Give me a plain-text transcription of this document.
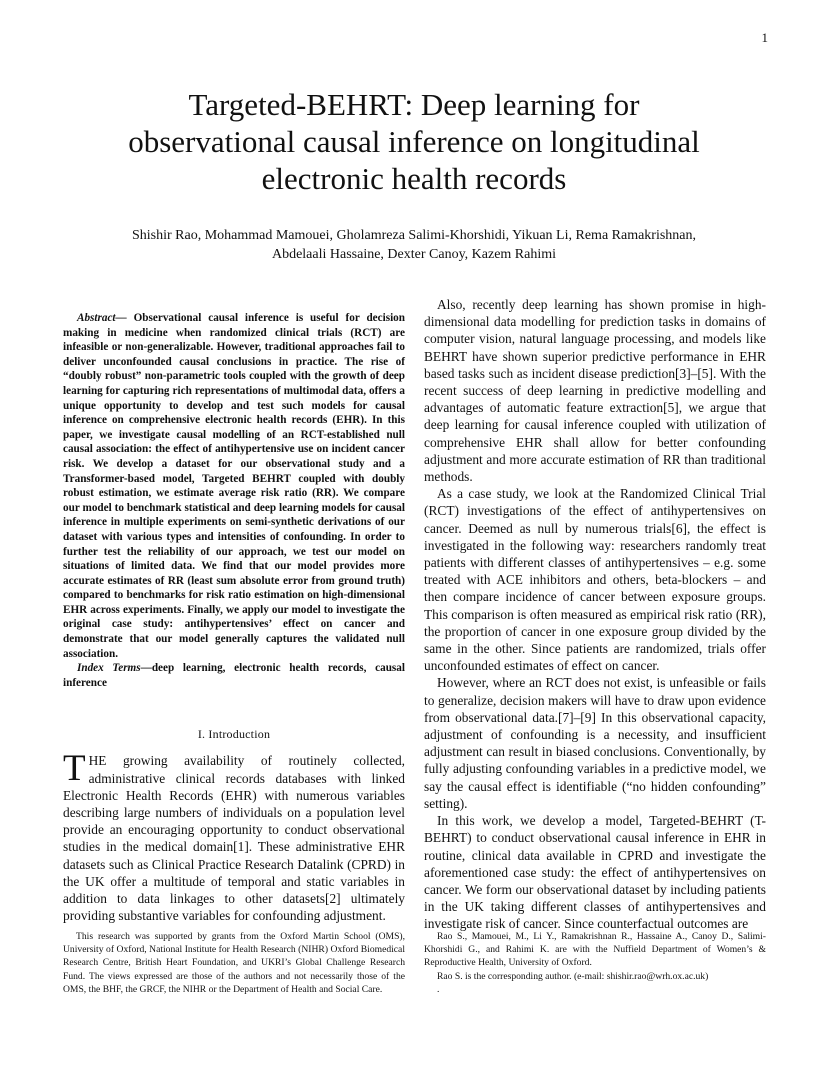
1
Targeted-BEHRT: Deep learning for
observational causal inference on longitudinal
electronic health records
Shishir Rao, Mohammad Mamouei, Gholamreza Salimi-Khorshidi, Yikuan Li, Rema Ramakrishnan,
Abdelaali Hassaine, Dexter Canoy, Kazem Rahimi

Abstract— Observational causal inference is useful for decision making in medicine when randomized clinical trials (RCT) are infeasible or non-generalizable. However, traditional approaches fail to deliver unconfounded causal conclusions in practice. The rise of “doubly robust” non-parametric tools coupled with the growth of deep learning for capturing rich representations of multimodal data, offers a unique opportunity to develop and test such models for causal inference on comprehensive electronic health records (EHR). In this paper, we investigate causal modelling of an RCT-established null causal association: the effect of antihypertensive use on incident cancer risk. We develop a dataset for our observational study and a Transformer-based model, Targeted BEHRT coupled with doubly robust estimation, we estimate average risk ratio (RR). We compare our model to benchmark statistical and deep learning models for causal inference in multiple experiments on semi-synthetic derivations of our dataset with various types and intensities of confounding. In order to further test the reliability of our approach, we test our model on situations of limited data. We find that our model provides more accurate estimates of RR (least sum absolute error from ground truth) compared to benchmarks for risk ratio estimation on high-dimensional EHR across experiments. Finally, we apply our model to investigate the original case study: antihypertensives’ effect on cancer and demonstrate that our model generally captures the validated null association.

Index Terms—deep learning, electronic health records, causal inference

I. Introduction

THE growing availability of routinely collected, administrative clinical records databases with linked Electronic Health Records (EHR) with numerous variables describing large numbers of individuals on a population level provide an encouraging opportunity to conduct observational studies in the medical domain[1]. These administrative EHR datasets such as Clinical Practice Research Datalink (CPRD) in the UK offer a multitude of temporal and static variables in addition to data linkages to other datasets[2] ultimately providing substantive variables for confounding adjustment.

Also, recently deep learning has shown promise in high-dimensional data modelling for prediction tasks in domains of computer vision, natural language processing, and models like BEHRT have shown superior predictive performance in EHR based tasks such as incident disease prediction[3]–[5]. With the recent success of deep learning in predictive modelling and advantages of automatic feature extraction[5], we argue that deep learning for causal inference coupled with utilization of comprehensive EHR shall allow for better confounding adjustment and more accurate estimation of RR than traditional methods.

As a case study, we look at the Randomized Clinical Trial (RCT) investigations of the effect of antihypertensives on cancer. Deemed as null by numerous trials[6], the effect is investigated in the following way: researchers randomly treat patients with different classes of antihypertensives – e.g. some treated with ACE inhibitors and others, beta-blockers – and then compare incidence of cancer between exposure groups. This comparison is often measured as empirical risk ratio (RR), the proportion of cancer in one exposure group divided by the same in the other. Since patients are randomized, trials offer unconfounded estimates of effect on cancer.

However, where an RCT does not exist, is unfeasible or fails to generalize, decision makers will have to draw upon evidence from observational data.[7]–[9] In this observational capacity, adjustment of confounding is a necessity, and insufficient adjustment can result in biased conclusions. Conventionally, by fully adjusting confounding variables in a predictive model, we say the causal effect is identifiable (“no hidden confounding” setting).

In this work, we develop a model, Targeted-BEHRT (T-BEHRT) to conduct observational causal inference in EHR in routine, clinical data available in CPRD and investigate the aforementioned case study: the effect of antihypertensives on cancer. We form our observational dataset by including patients in the UK taking different classes of antihypertensives and investigate risk of cancer. Since counterfactual outcomes are

This research was supported by grants from the Oxford Martin School (OMS), University of Oxford, National Institute for Health Research (NIHR) Oxford Biomedical Research Centre, British Heart Foundation, and UKRI’s Global Challenge Research Fund. The views expressed are those of the authors and not necessarily those of the OMS, the BHF, the GRCF, the NIHR or the Department of Health and Social Care.

Rao S., Mamouei, M., Li Y., Ramakrishnan R., Hassaine A., Canoy D., Salimi-Khorshidi G., and Rahimi K. are with the Nuffield Department of Women’s & Reproductive Health, University of Oxford.

Rao S. is the corresponding author. (e-mail: shishir.rao@wrh.ox.ac.uk)

.
